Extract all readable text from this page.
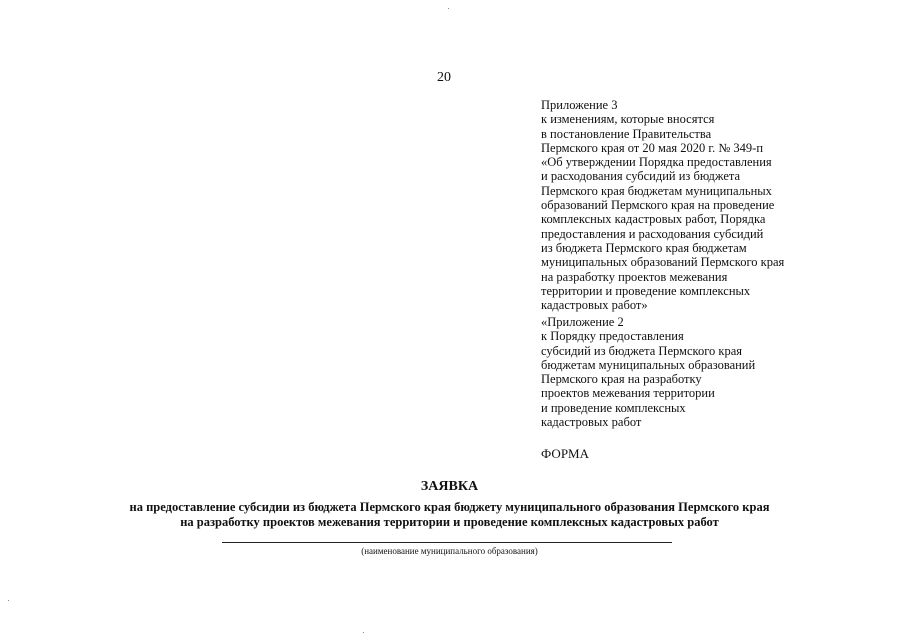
20
Приложение 3
к изменениям, которые вносятся
в постановление Правительства
Пермского края от 20 мая 2020 г. № 349-п
«Об утверждении Порядка предоставления
и расходования субсидий из бюджета
Пермского края бюджетам муниципальных
образований Пермского края на проведение
комплексных кадастровых работ, Порядка
предоставления и расходования субсидий
из бюджета Пермского края бюджетам
муниципальных образований Пермского края
на разработку проектов межевания
территории и проведение комплексных
кадастровых работ»
«Приложение 2
к Порядку предоставления
субсидий из бюджета Пермского края
бюджетам муниципальных образований
Пермского края на разработку
проектов межевания территории
и проведение комплексных
кадастровых работ
ФОРМА
ЗАЯВКА
на предоставление субсидии из бюджета Пермского края бюджету муниципального образования Пермского края
на разработку проектов межевания территории и проведение комплексных кадастровых работ
(наименование муниципального образования)
